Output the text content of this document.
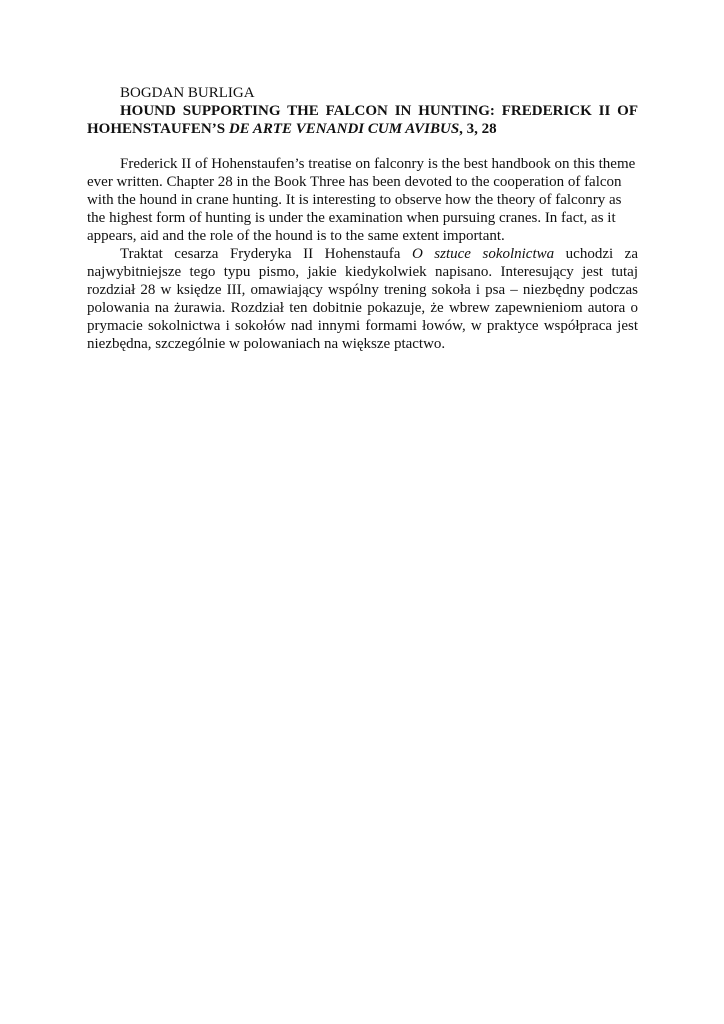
BOGDAN BURLIGA

HOUND SUPPORTING THE FALCON IN HUNTING: FREDERICK II OF HOHENSTAUFEN’S DE ARTE VENANDI CUM AVIBUS, 3, 28

Frederick II of Hohenstaufen’s treatise on falconry is the best handbook on this theme ever written. Chapter 28 in the Book Three has been devoted to the cooperation of falcon with the hound in crane hunting. It is interesting to observe how the theory of falconry as the highest form of hunting is under the examination when pursuing cranes. In fact, as it appears, aid and the role of the hound is to the same extent important.

Traktat cesarza Fryderyka II Hohenstaufa O sztuce sokolnictwa uchodzi za najwybitniejsze tego typu pismo, jakie kiedykolwiek napisano. Interesujący jest tutaj rozdział 28 w księdze III, omawiający wspólny trening sokoła i psa – niezbędny podczas polowania na żurawia. Rozdział ten dobitnie pokazuje, że wbrew zapewnieniom autora o prymacie sokolnictwa i sokołów nad innymi formami łowów, w praktyce współpraca jest niezbędna, szczególnie w polowaniach na większe ptactwo.
